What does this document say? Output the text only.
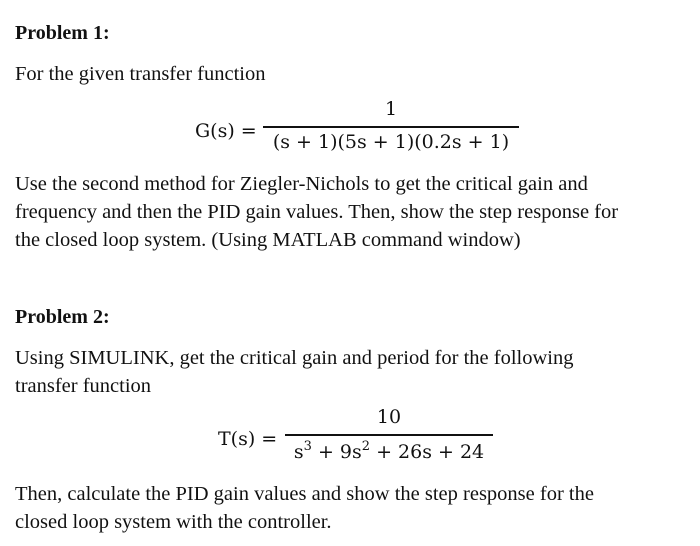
Problem 1:
For the given transfer function
G(s) =
1
(s + 1)(5s + 1)(0.2s + 1)
Use the second method for Ziegler-Nichols to get the critical gain and
frequency and then the PID gain values. Then, show the step response for
the closed loop system. (Using MATLAB command window)
Problem 2:
Using SIMULINK, get the critical gain and period for the following
transfer function
T(s) =
10
$s^3 + 9s^2 + 26s + 24$
Then, calculate the PID gain values and show the step response for the
closed loop system with the controller.
